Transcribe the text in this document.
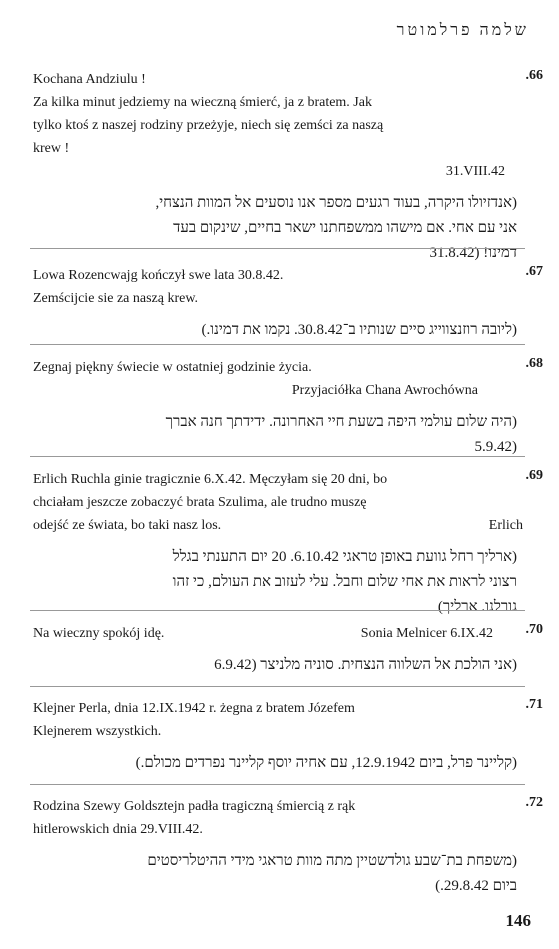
שלמה פרלמוטר
.66
Kochana Andziulu !
Za kilka minut jedziemy na wieczną śmierć, ja z bratem. Jak
tylko ktoś z naszej rodziny przeżyje, niech się zemści za naszą
krew !
31.VIII.42
(אנדזיולו היקרה, בעוד רגעים מספר אנו נוסעים אל המוות הנצחי,
אני עם אחי. אם מישהו ממשפחתנו ישאר בחיים, שינקום בעד
דמינו! (31.8.42
.67
Lowa Rozencwajg kończył swe lata 30.8.42.
Zemścijcie sie za naszą krew.
(ליובה רוזנצווייג סיים שנותיו ב־30.8.42. נקמו את דמינו.)
.68
Zegnaj piękny świecie w ostatniej godzinie życia.
Przyjaciółka Chana Awrochówna
(היה שלום עולמי היפה בשעת חיי האחרונה. ידידתך חנה אברך
(5.9.42
.69
Erlich Ruchla ginie tragicznie 6.X.42. Męczyłam się 20 dni, bo
chciałam jeszcze zobaczyć brata Szulima, ale trudno muszę
odejść ze świata, bo taki nasz los.	Erlich
(ארליך רחל גוועת באופן טראגי 6.10.42. 20 יום התענתי בגלל
רצוני לראות את אחי שלום וחבל. עלי לעזוב את העולם, כי זהו
גורלנו. ארליך)
.70
Na wieczny spokój idę.	Sonia Melnicer 6.IX.42
(אני הולכת אל השלווה הנצחית. סוניה מלניצר (6.9.42
.71
Klejner Perla, dnia 12.IX.1942 r. żegna z bratem Józefem
Klejnerem wszystkich.
(קליינר פרל, ביום 12.9.1942, עם אחיה יוסף קליינר נפרדים מכולם.)
.72
Rodzina Szewy Goldsztejn padła tragiczną śmiercią z rąk
hitlerowskich dnia 29.VIII.42.
(משפחת בת־שבע גולדשטיין מתה מוות טראגי מידי ההיטלריסטים
ביום 29.8.42.)
146
